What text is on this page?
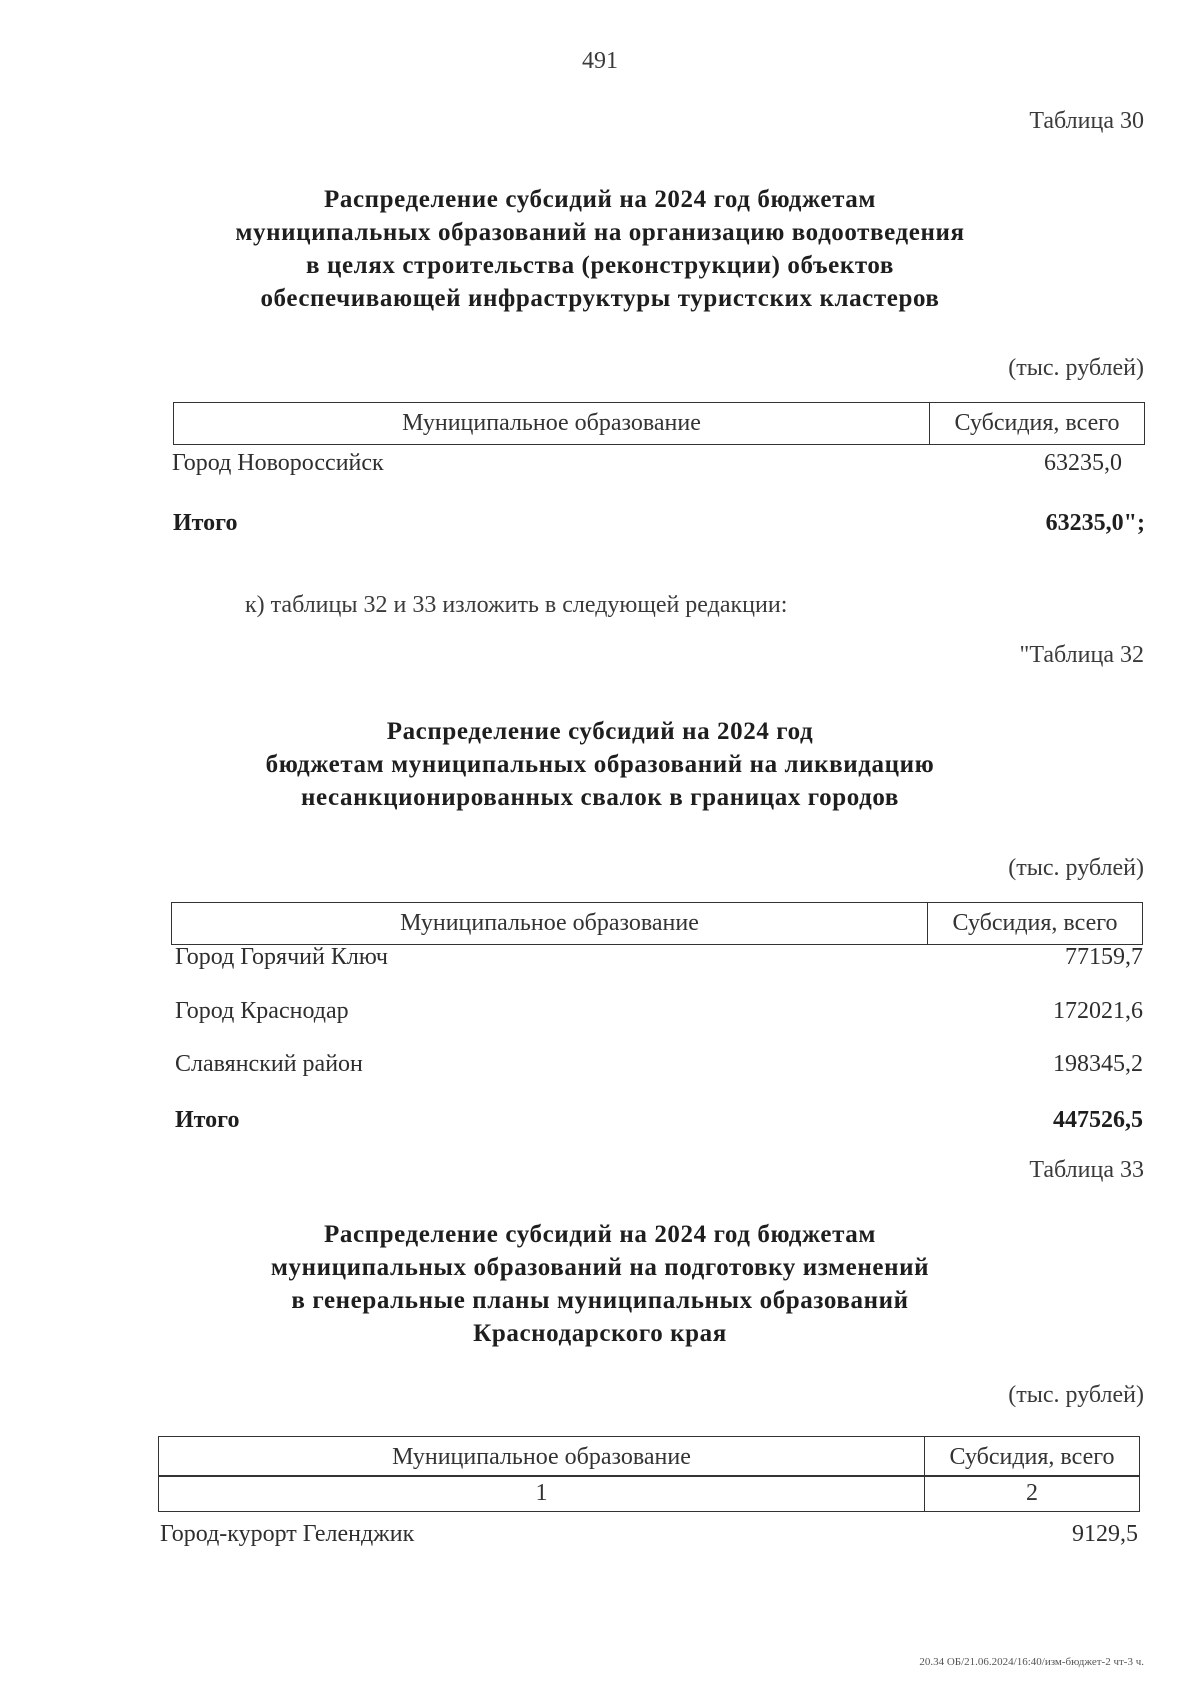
491
Таблица 30
Распределение субсидий на 2024 год бюджетам
муниципальных образований на организацию водоотведения
в целях строительства (реконструкции) объектов
обеспечивающей инфраструктуры туристских кластеров
(тыс. рублей)
Муниципальное образование	Субсидия, всего
Город Новороссийск	63235,0
Итого	63235,0";
к) таблицы 32 и 33 изложить в следующей редакции:
"Таблица 32
Распределение субсидий на 2024 год
бюджетам муниципальных образований на ликвидацию
несанкционированных свалок в границах городов
(тыс. рублей)
Муниципальное образование	Субсидия, всего
Город Горячий Ключ	77159,7
Город Краснодар	172021,6
Славянский район	198345,2
Итого	447526,5
Таблица 33
Распределение субсидий на 2024 год бюджетам
муниципальных образований на подготовку изменений
в генеральные планы муниципальных образований
Краснодарского края
(тыс. рублей)
Муниципальное образование	Субсидия, всего
1	2
Город-курорт Геленджик	9129,5
20.34 ОБ/21.06.2024/16:40/изм-бюджет-2 чт-3 ч.
